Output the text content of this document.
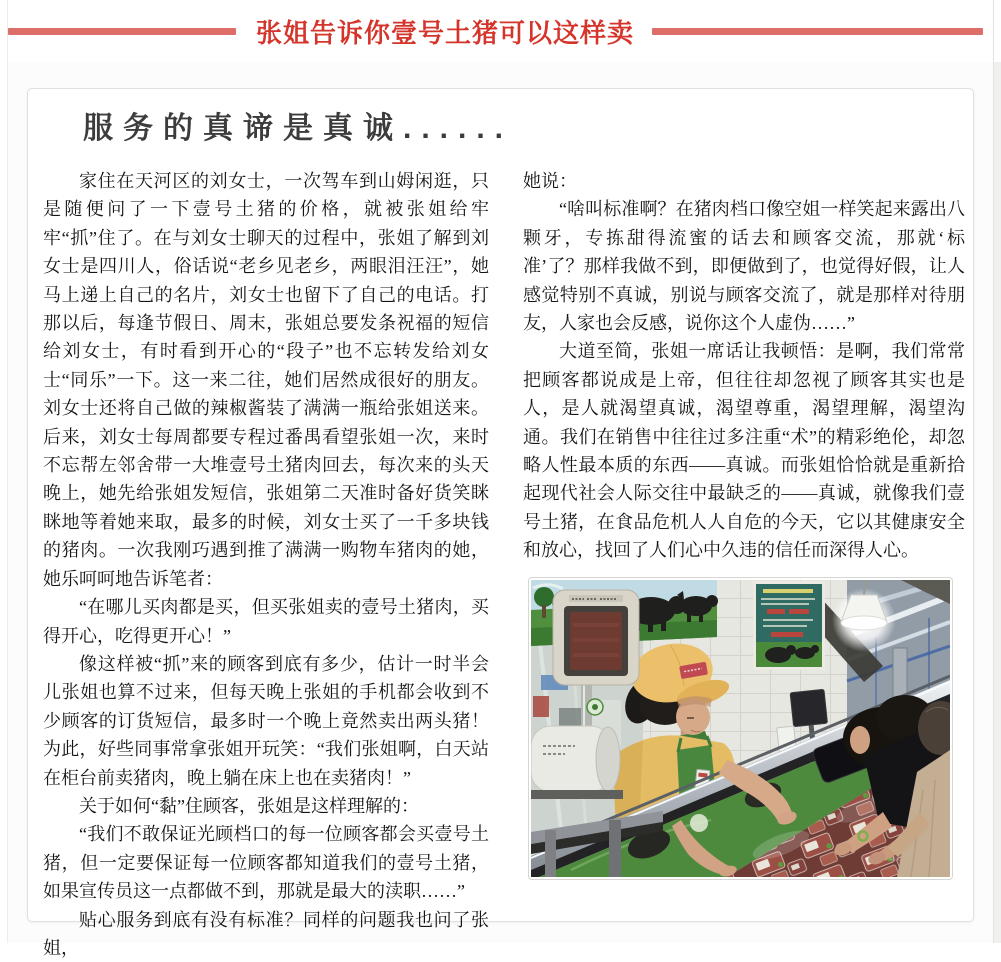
张姐告诉你壹号土猪可以这样卖
服务的真谛是真诚......

家住在天河区的刘女士，一次驾车到山姆闲逛，只是随便问了一下壹号土猪的价格，就被张姐给牢牢“抓”住了。在与刘女士聊天的过程中，张姐了解到刘女士是四川人，俗话说“老乡见老乡，两眼泪汪汪”，她马上递上自己的名片，刘女士也留下了自己的电话。打那以后，每逢节假日、周末，张姐总要发条祝福的短信给刘女士，有时看到开心的“段子”也不忘转发给刘女士“同乐”一下。这一来二往，她们居然成很好的朋友。刘女士还将自己做的辣椒酱装了满满一瓶给张姐送来。后来，刘女士每周都要专程过番禺看望张姐一次，来时不忘帮左邻舍带一大堆壹号土猪肉回去，每次来的头天晚上，她先给张姐发短信，张姐第二天准时备好货笑眯眯地等着她来取，最多的时候，刘女士买了一千多块钱的猪肉。一次我刚巧遇到推了满满一购物车猪肉的她，她乐呵呵地告诉笔者：

“在哪儿买肉都是买，但买张姐卖的壹号土猪肉，买得开心，吃得更开心！”

像这样被“抓”来的顾客到底有多少，估计一时半会儿张姐也算不过来，但每天晚上张姐的手机都会收到不少顾客的订货短信，最多时一个晚上竟然卖出两头猪！为此，好些同事常拿张姐开玩笑：“我们张姐啊，白天站在柜台前卖猪肉，晚上躺在床上也在卖猪肉！”

关于如何“黏”住顾客，张姐是这样理解的：

“我们不敢保证光顾档口的每一位顾客都会买壹号土猪，但一定要保证每一位顾客都知道我们的壹号土猪，如果宣传员这一点都做不到，那就是最大的渎职……”

贴心服务到底有没有标准？同样的问题我也问了张姐，

她说：

“啥叫标准啊？在猪肉档口像空姐一样笑起来露出八颗牙，专拣甜得流蜜的话去和顾客交流，那就‘标准’了？那样我做不到，即便做到了，也觉得好假，让人感觉特别不真诚，别说与顾客交流了，就是那样对待朋友，人家也会反感，说你这个人虚伪……”

大道至简，张姐一席话让我顿悟：是啊，我们常常把顾客都说成是上帝，但往往却忽视了顾客其实也是人，是人就渴望真诚，渴望尊重，渴望理解，渴望沟通。我们在销售中往往过多注重“术”的精彩绝伦，却忽略人性最本质的东西——真诚。而张姐恰恰就是重新拾起现代社会人际交往中最缺乏的——真诚，就像我们壹号土猪，在食品危机人人自危的今天，它以其健康安全和放心，找回了人们心中久违的信任而深得人心。
